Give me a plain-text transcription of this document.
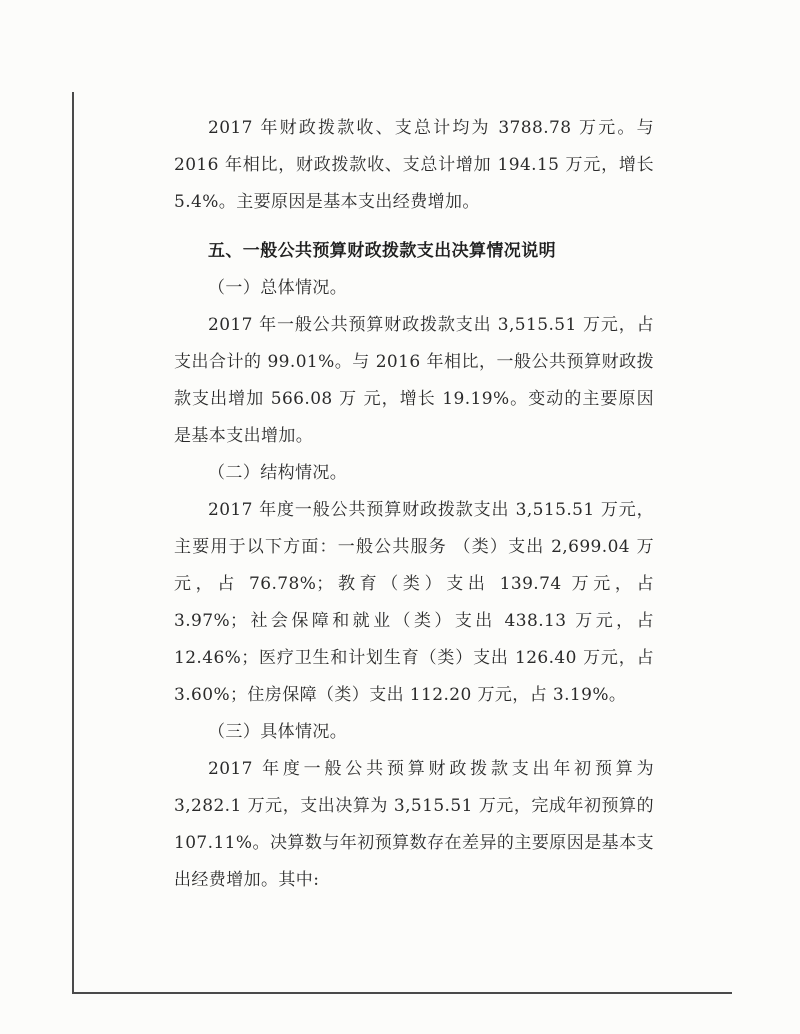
2017 年财政拨款收、支总计均为 3788.78 万元。与 2016 年相比，财政拨款收、支总计增加 194.15 万元，增长 5.4%。主要原因是基本支出经费增加。

五、一般公共预算财政拨款支出决算情况说明

（一）总体情况。

2017 年一般公共预算财政拨款支出 3,515.51 万元，占支出合计的 99.01%。与 2016 年相比，一般公共预算财政拨款支出增加 566.08 万 元，增长 19.19%。变动的主要原因是基本支出增加。

（二）结构情况。

2017 年度一般公共预算财政拨款支出 3,515.51 万元，主要用于以下方面：一般公共服务 （类）支出 2,699.04 万元，占 76.78%；教育（类）支出 139.74 万元，占 3.97%；社会保障和就业（类）支出 438.13 万元，占 12.46%；医疗卫生和计划生育（类）支出 126.40 万元，占 3.60%；住房保障（类）支出 112.20 万元，占 3.19%。

（三）具体情况。

2017 年度一般公共预算财政拨款支出年初预算为 3,282.1 万元，支出决算为 3,515.51 万元，完成年初预算的 107.11%。决算数与年初预算数存在差异的主要原因是基本支出经费增加。其中:
